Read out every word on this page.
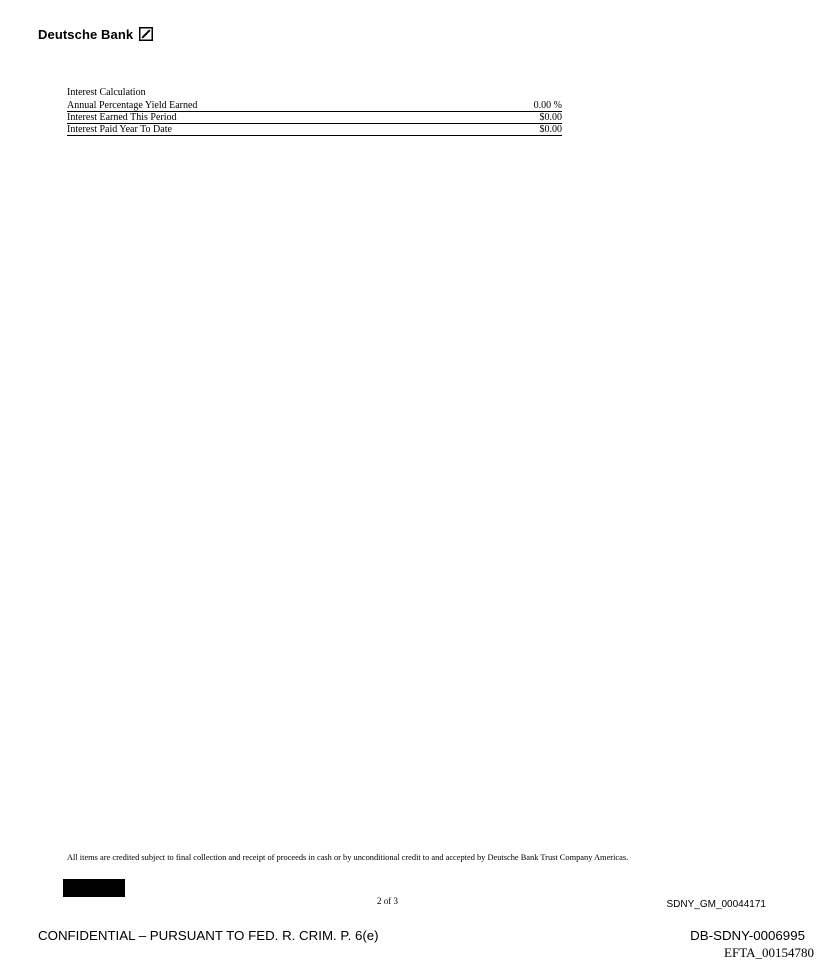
Deutsche Bank
Interest Calculation
Annual Percentage Yield Earned	0.00 %
Interest Earned This Period	$0.00
Interest Paid Year To Date	$0.00
All items are credited subject to final collection and receipt of proceeds in cash or by unconditional credit to and accepted by Deutsche Bank Trust Company Americas.
2 of 3	SDNY_GM_00044171
CONFIDENTIAL – PURSUANT TO FED. R. CRIM. P. 6(e)	DB-SDNY-0006995
EFTA_00154780
